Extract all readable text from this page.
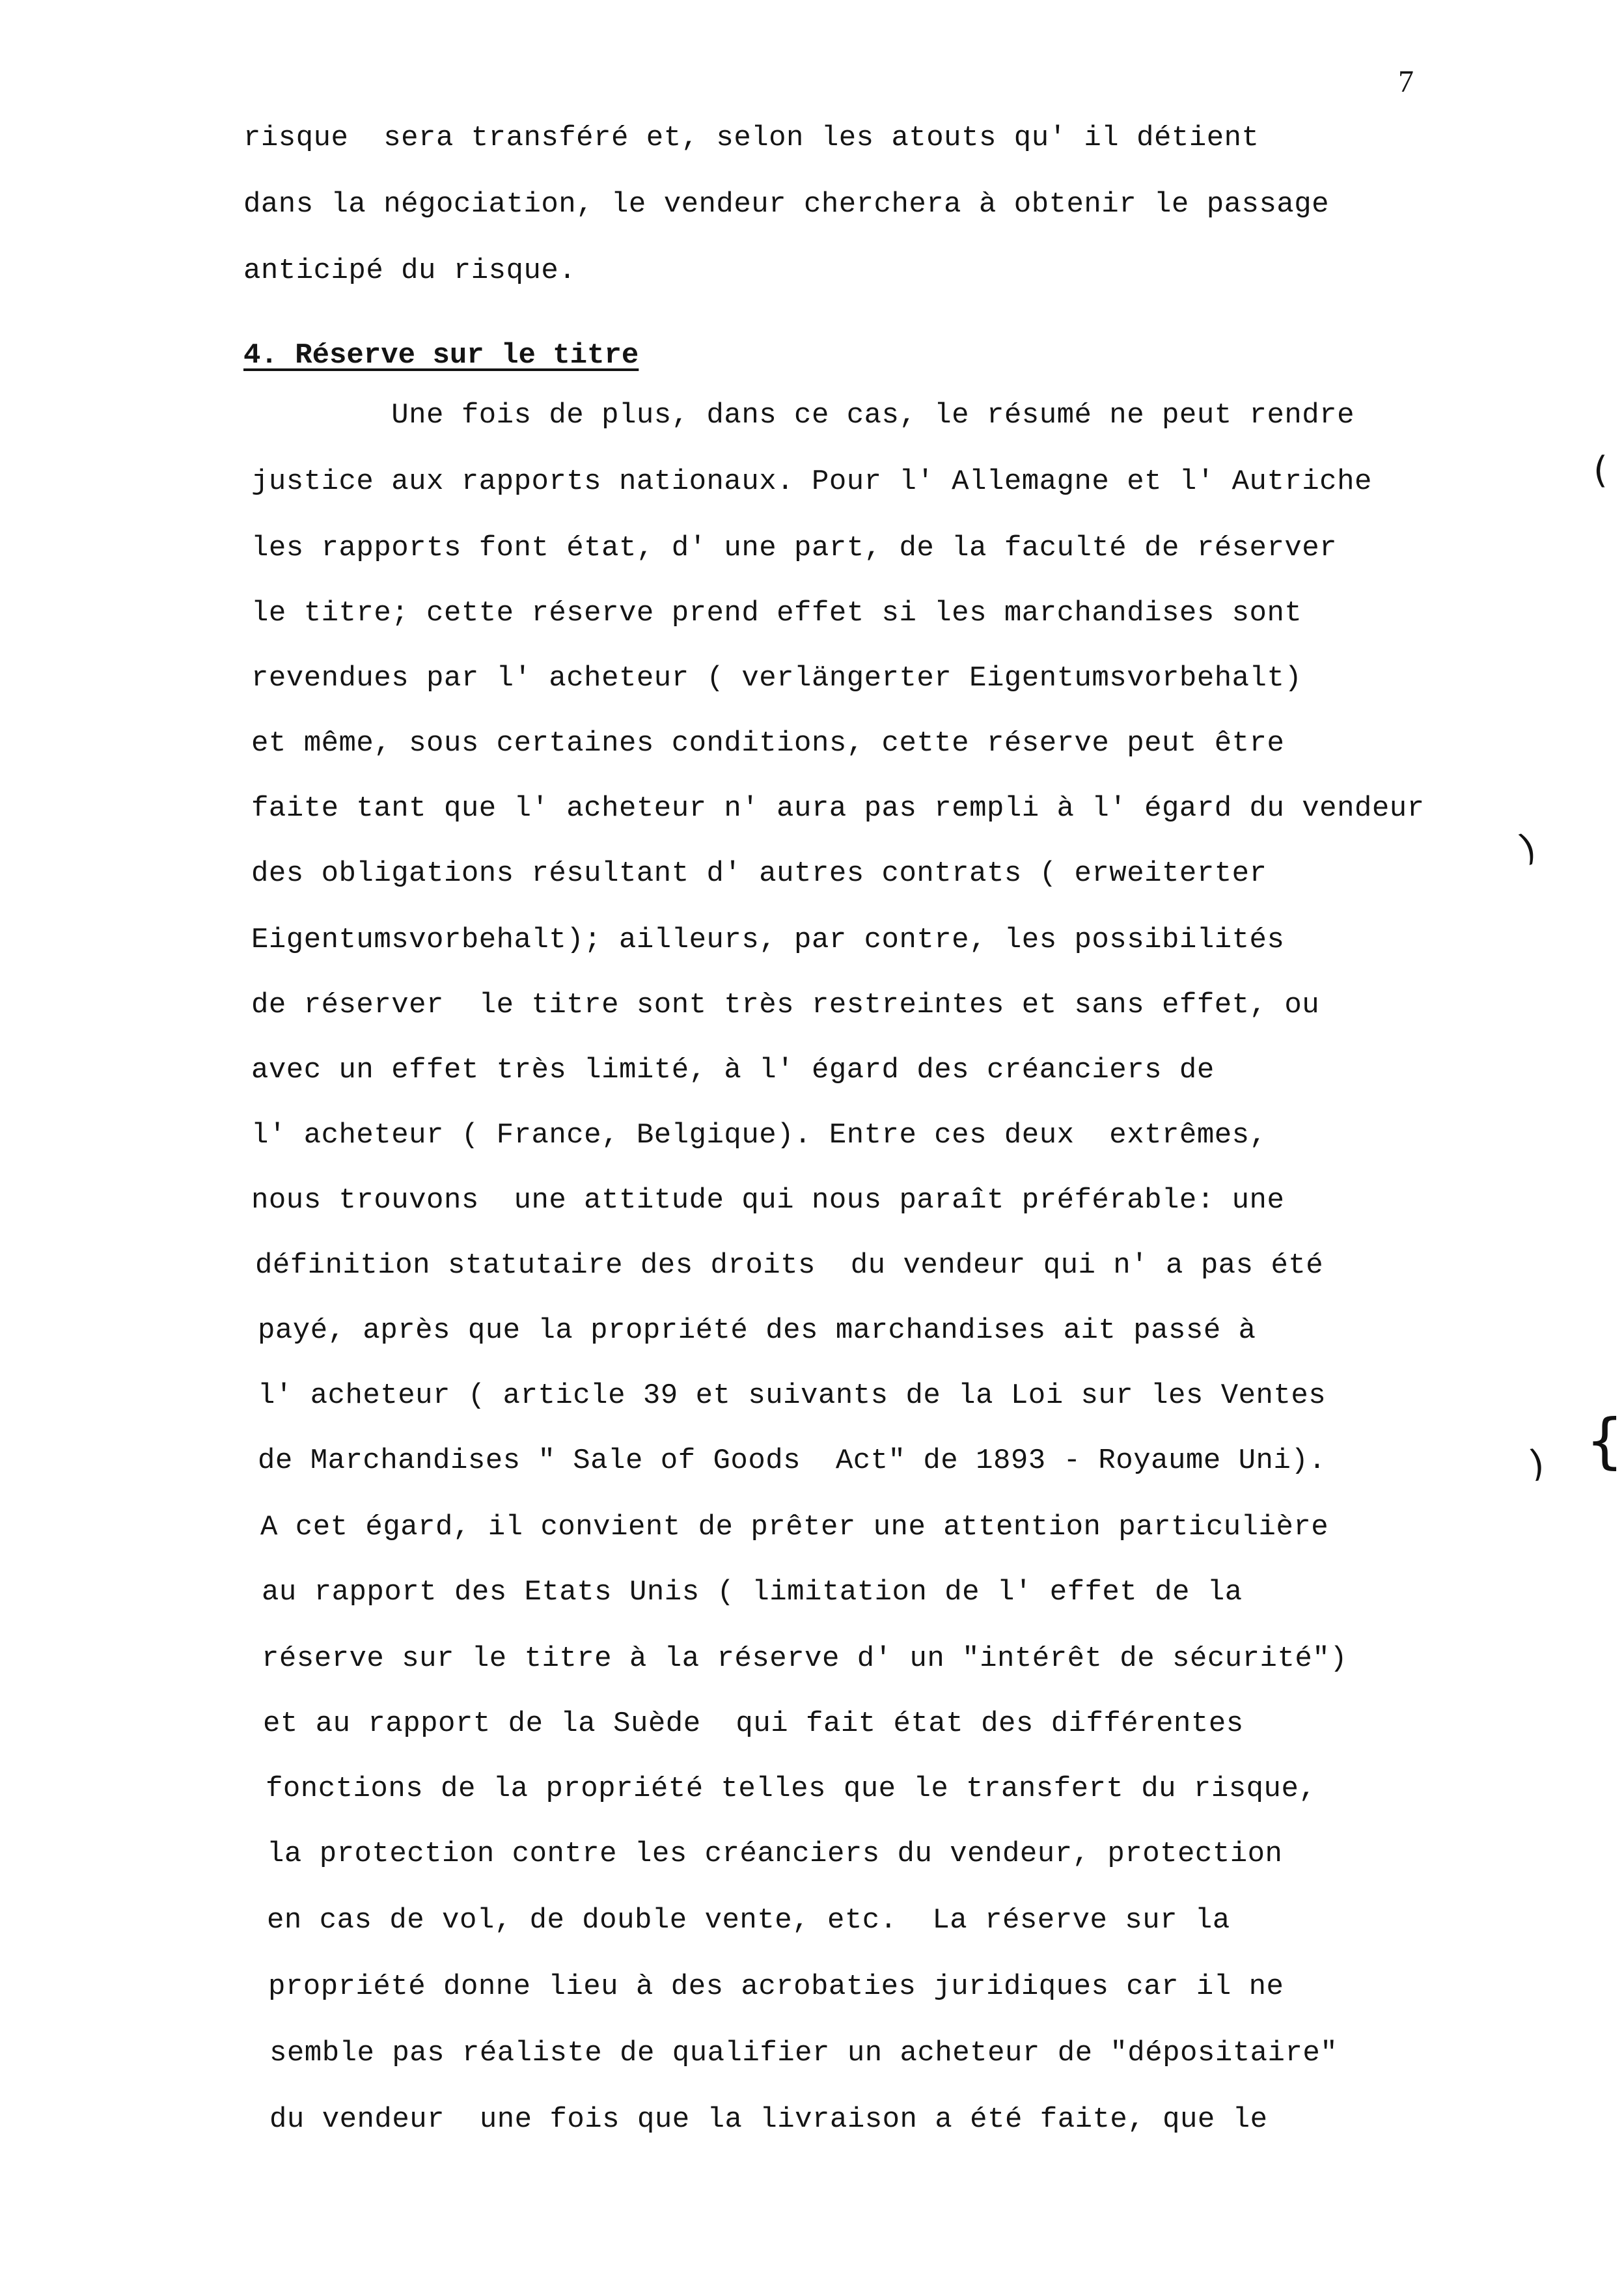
7
risque  sera transféré et, selon les atouts qu' il détient
dans la négociation, le vendeur cherchera à obtenir le passage
anticipé du risque.
4. Réserve sur le titre
Une fois de plus, dans ce cas, le résumé ne peut rendre
justice aux rapports nationaux. Pour l' Allemagne et l' Autriche
les rapports font état, d' une part, de la faculté de réserver
le titre; cette réserve prend effet si les marchandises sont
revendues par l' acheteur ( verlängerter Eigentumsvorbehalt)
et même, sous certaines conditions, cette réserve peut être
faite tant que l' acheteur n' aura pas rempli à l' égard du vendeur
des obligations résultant d' autres contrats ( erweiterter
Eigentumsvorbehalt); ailleurs, par contre, les possibilités
de réserver  le titre sont très restreintes et sans effet, ou
avec un effet très limité, à l' égard des créanciers de
l' acheteur ( France, Belgique). Entre ces deux  extrêmes,
nous trouvons  une attitude qui nous paraît préférable: une
définition statutaire des droits  du vendeur qui n' a pas été
payé, après que la propriété des marchandises ait passé à
l' acheteur ( article 39 et suivants de la Loi sur les Ventes
de Marchandises " Sale of Goods  Act" de 1893 - Royaume Uni).
A cet égard, il convient de prêter une attention particulière
au rapport des Etats Unis ( limitation de l' effet de la
réserve sur le titre à la réserve d' un "intérêt de sécurité")
et au rapport de la Suède  qui fait état des différentes
fonctions de la propriété telles que le transfert du risque,
la protection contre les créanciers du vendeur, protection
en cas de vol, de double vente, etc.  La réserve sur la
propriété donne lieu à des acrobaties juridiques car il ne
semble pas réaliste de qualifier un acheteur de "dépositaire"
du vendeur  une fois que la livraison a été faite, que le
(
)
) {
